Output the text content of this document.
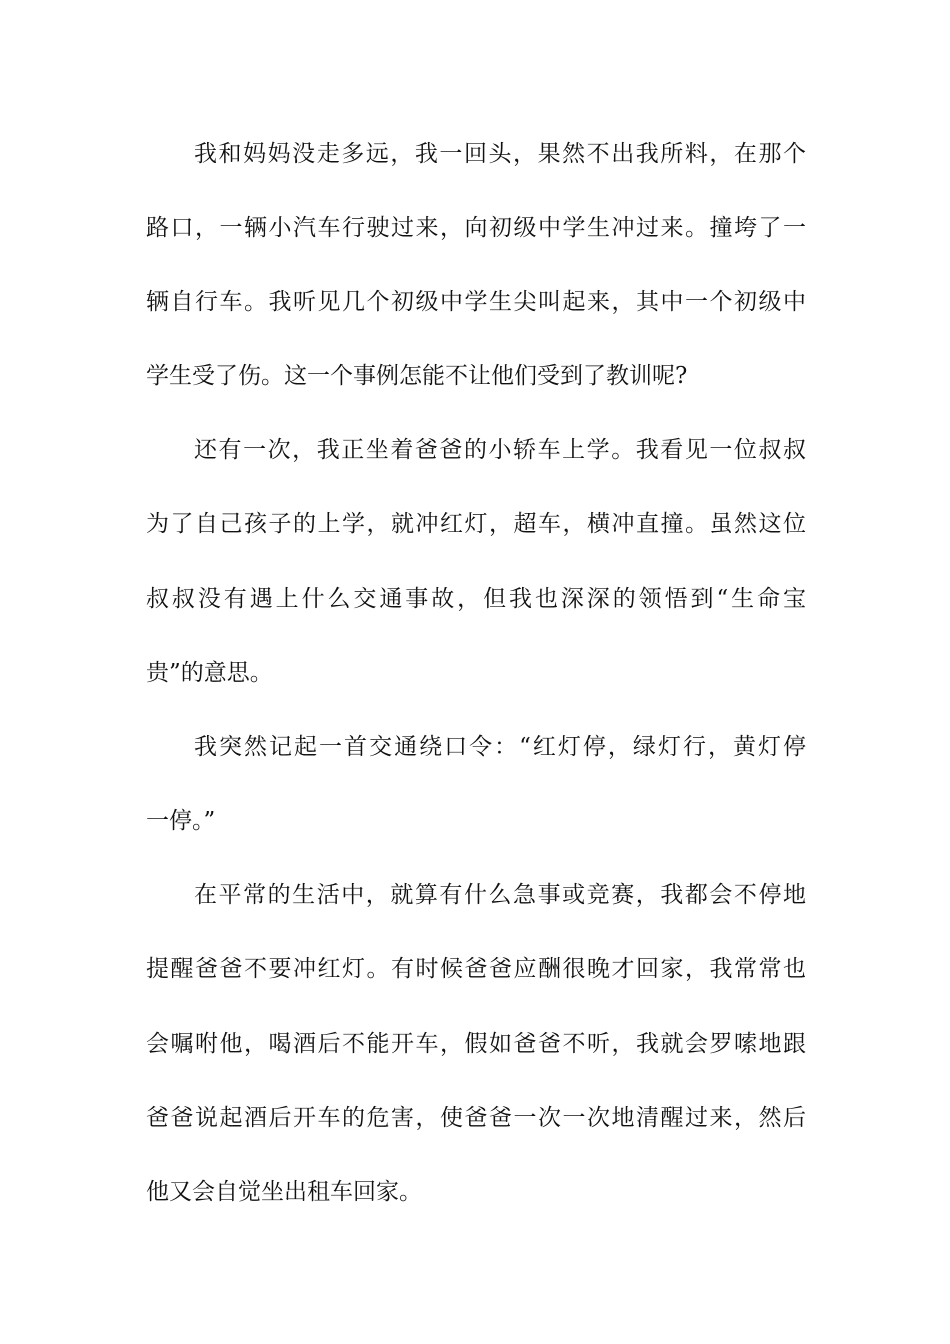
我和妈妈没走多远，我一回头，果然不出我所料，在那个
路口，一辆小汽车行驶过来，向初级中学生冲过来。撞垮了一
辆自行车。我听见几个初级中学生尖叫起来，其中一个初级中
学生受了伤。这一个事例怎能不让他们受到了教训呢?
还有一次，我正坐着爸爸的小轿车上学。我看见一位叔叔
为了自己孩子的上学，就冲红灯，超车，横冲直撞。虽然这位
叔叔没有遇上什么交通事故，但我也深深的领悟到“生命宝
贵”的意思。
我突然记起一首交通绕口令：“红灯停，绿灯行，黄灯停
一停。”
在平常的生活中，就算有什么急事或竞赛，我都会不停地
提醒爸爸不要冲红灯。有时候爸爸应酬很晚才回家，我常常也
会嘱咐他，喝酒后不能开车，假如爸爸不听，我就会罗嗦地跟
爸爸说起酒后开车的危害，使爸爸一次一次地清醒过来，然后
他又会自觉坐出租车回家。
